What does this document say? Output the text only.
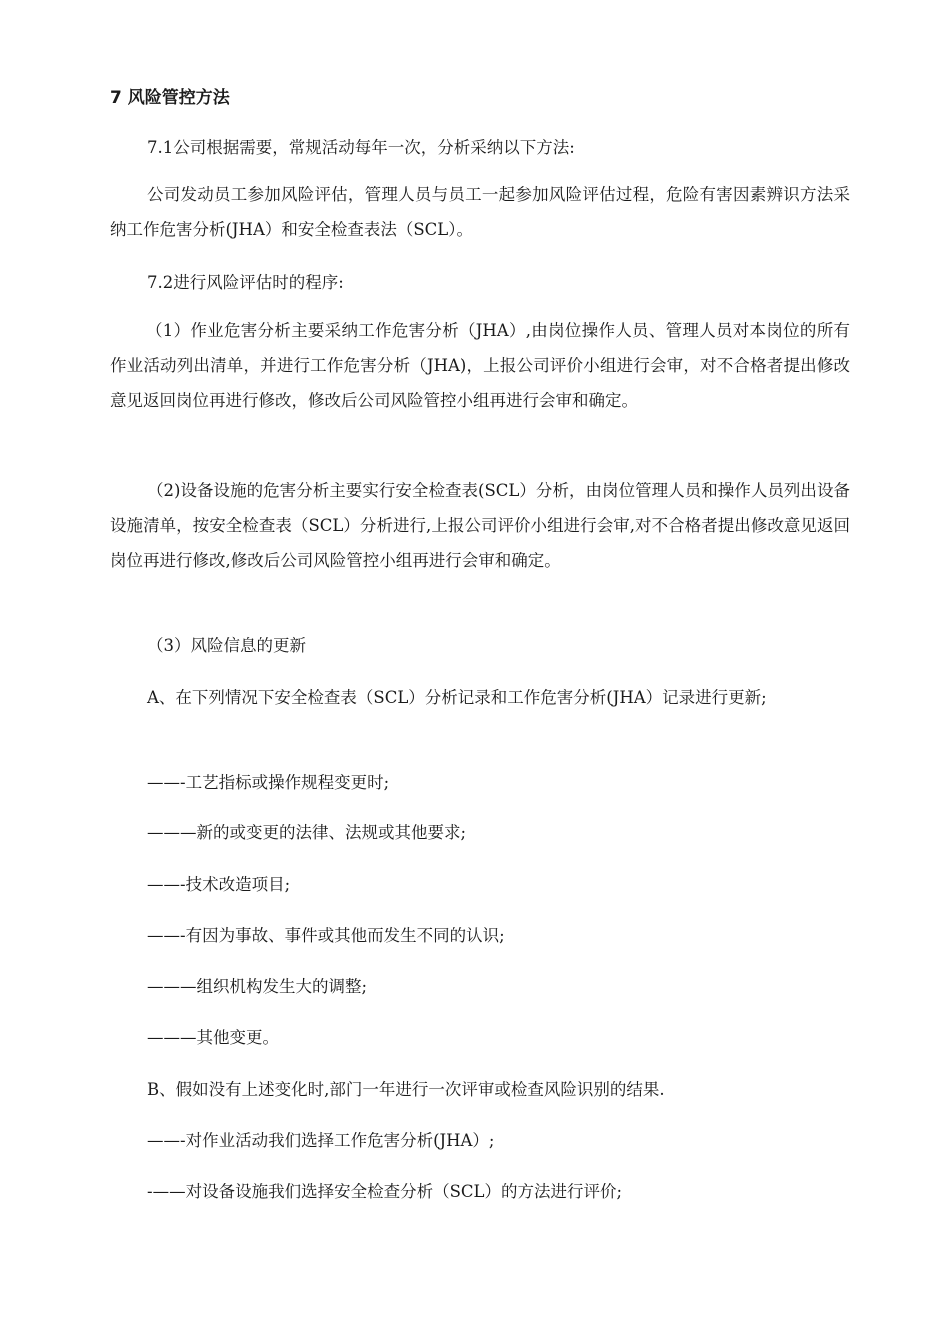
7 风险管控方法

7.1公司根据需要，常规活动每年一次，分析采纳以下方法:

公司发动员工参加风险评估，管理人员与员工一起参加风险评估过程，危险有害因素辨识方法采纳工作危害分析(JHA）和安全检查表法（SCL）。

7.2进行风险评估时的程序:

（1）作业危害分析主要采纳工作危害分析（JHA）,由岗位操作人员、管理人员对本岗位的所有作业活动列出清单，并进行工作危害分析（JHA)，上报公司评价小组进行会审，对不合格者提出修改意见返回岗位再进行修改，修改后公司风险管控小组再进行会审和确定。

（2)设备设施的危害分析主要实行安全检查表(SCL）分析，由岗位管理人员和操作人员列出设备设施清单，按安全检查表（SCL）分析进行,上报公司评价小组进行会审,对不合格者提出修改意见返回岗位再进行修改,修改后公司风险管控小组再进行会审和确定。

（3）风险信息的更新

A、在下列情况下安全检查表（SCL）分析记录和工作危害分析(JHA）记录进行更新;

——-工艺指标或操作规程变更时;

———新的或变更的法律、法规或其他要求;

——-技术改造项目;

——-有因为事故、事件或其他而发生不同的认识;

———组织机构发生大的调整;

———其他变更。

B、假如没有上述变化时,部门一年进行一次评审或检查风险识别的结果.

——-对作业活动我们选择工作危害分析(JHA）;

-——对设备设施我们选择安全检查分析（SCL）的方法进行评价;
